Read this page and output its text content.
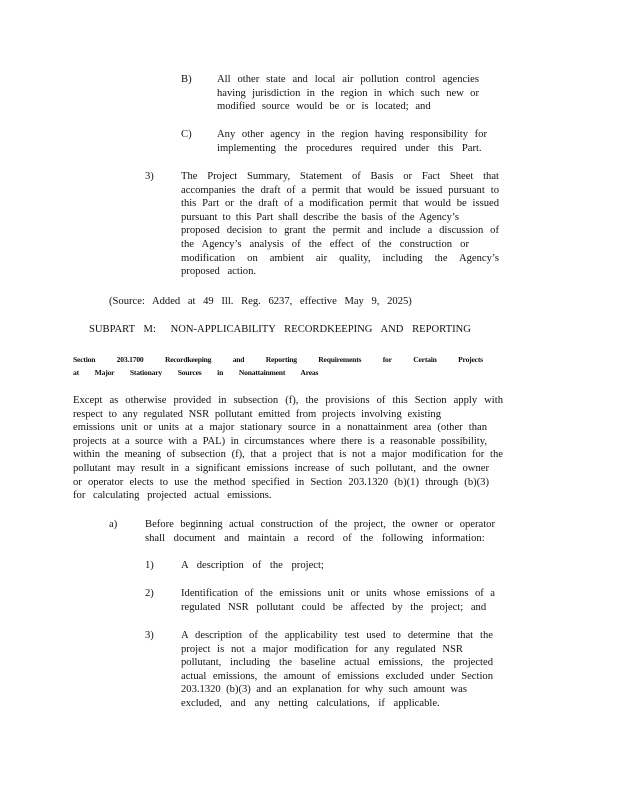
B) All other state and local air pollution control agencies
having jurisdiction in the region in which such new or
modified source would be or is located; and
C) Any other agency in the region having responsibility for
implementing the procedures required under this Part.
3)	The Project Summary, Statement of Basis or Fact Sheet that
accompanies the draft of a permit that would be issued pursuant to
this Part or the draft of a modification permit that would be issued
pursuant to this Part shall describe the basis of the Agency’s
proposed decision to grant the permit and include a discussion of
the Agency’s analysis of the effect of the construction or
modification on ambient air quality, including the Agency’s
proposed action.
(Source: Added at 49 Ill. Reg. 6237, effective May 9, 2025)
SUBPART M: NON-APPLICABILITY RECORDKEEPING AND REPORTING
Section	203.1700	Recordkeeping	and	Reporting	Requirements	for	Certain	Projects
at Major Stationary Sources in Nonattainment Areas
Except as otherwise provided in subsection (f), the provisions of this Section apply with
respect to any regulated NSR pollutant emitted from projects involving existing
emissions unit or units at a major stationary source in a nonattainment area (other than
projects at a source with a PAL) in circumstances where there is a reasonable possibility,
within the meaning of subsection (f), that a project that is not a major modification for the
pollutant may result in a significant emissions increase of such pollutant, and the owner
or operator elects to use the method specified in Section 203.1320 (b)(1) through (b)(3)
for calculating projected actual emissions.
a)	Before beginning actual construction of the project, the owner or operator
shall document and maintain a record of the following information:
1)	A description of the project;
2)	Identification of the emissions unit or units whose emissions of a
regulated NSR pollutant could be affected by the project; and
3)	A description of the applicability test used to determine that the
project is not a major modification for any regulated NSR
pollutant, including the baseline actual emissions, the projected
actual emissions, the amount of emissions excluded under Section
203.1320 (b)(3) and an explanation for why such amount was
excluded, and any netting calculations, if applicable.
